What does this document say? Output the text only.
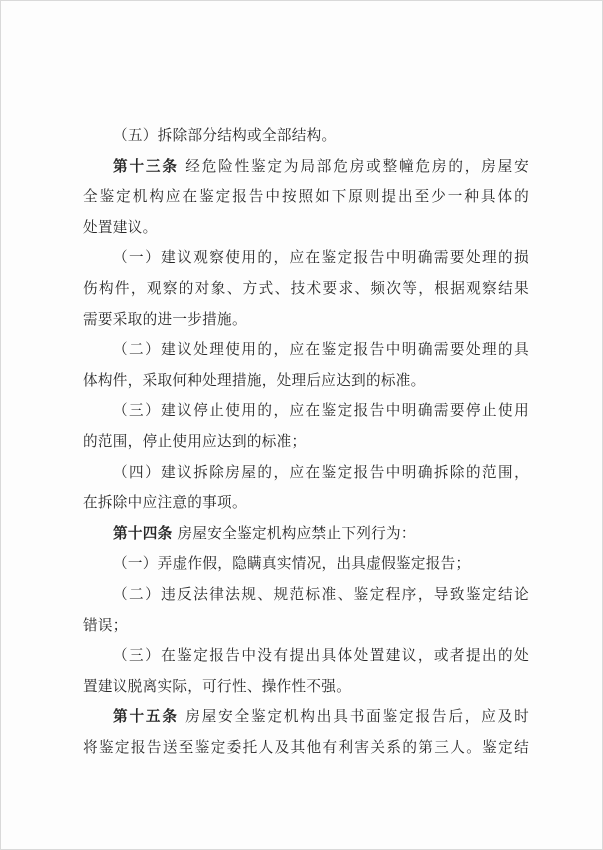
（五）拆除部分结构或全部结构。
第十三条 经危险性鉴定为局部危房或整幢危房的，房屋安
全鉴定机构应在鉴定报告中按照如下原则提出至少一种具体的
处置建议。
（一）建议观察使用的，应在鉴定报告中明确需要处理的损
伤构件，观察的对象、方式、技术要求、频次等，根据观察结果
需要采取的进一步措施。
（二）建议处理使用的，应在鉴定报告中明确需要处理的具
体构件，采取何种处理措施，处理后应达到的标准。
（三）建议停止使用的，应在鉴定报告中明确需要停止使用
的范围，停止使用应达到的标准；
（四）建议拆除房屋的，应在鉴定报告中明确拆除的范围，
在拆除中应注意的事项。
第十四条 房屋安全鉴定机构应禁止下列行为：
（一）弄虚作假，隐瞒真实情况，出具虚假鉴定报告；
（二）违反法律法规、规范标准、鉴定程序，导致鉴定结论
错误；
（三）在鉴定报告中没有提出具体处置建议，或者提出的处
置建议脱离实际，可行性、操作性不强。
第十五条 房屋安全鉴定机构出具书面鉴定报告后，应及时
将鉴定报告送至鉴定委托人及其他有利害关系的第三人。鉴定结
